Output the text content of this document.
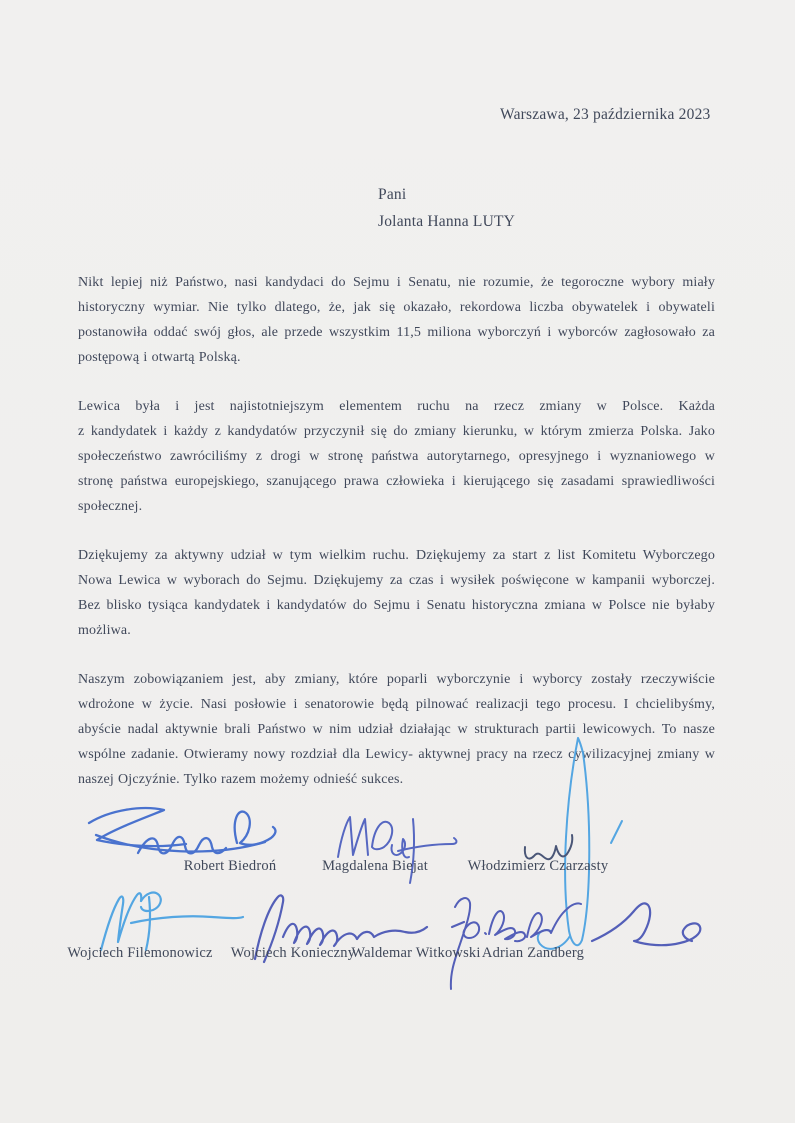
Warszawa, 23 października 2023
Pani
Jolanta Hanna LUTY
Nikt lepiej niż Państwo, nasi kandydaci do Sejmu i Senatu, nie rozumie, że tegoroczne wybory miały
historyczny wymiar. Nie tylko dlatego, że, jak się okazało, rekordowa liczba obywatelek i obywateli
postanowiła oddać swój głos, ale przede wszystkim 11,5 miliona wyborczyń i wyborców zagłosowało za
postępową i otwartą Polską.
Lewica była i jest najistotniejszym elementem ruchu na rzecz zmiany w Polsce. Każda
z kandydatek i każdy z kandydatów przyczynił się do zmiany kierunku, w którym zmierza Polska. Jako
społeczeństwo zawróciliśmy z drogi w stronę państwa autorytarnego, opresyjnego i wyznaniowego w
stronę państwa europejskiego, szanującego prawa człowieka i kierującego się zasadami sprawiedliwości
społecznej.
Dziękujemy za aktywny udział w tym wielkim ruchu. Dziękujemy za start z list Komitetu Wyborczego
Nowa Lewica w wyborach do Sejmu. Dziękujemy za czas i wysiłek poświęcone w kampanii wyborczej.
Bez blisko tysiąca kandydatek i kandydatów do Sejmu i Senatu historyczna zmiana w Polsce nie byłaby
możliwa.
Naszym zobowiązaniem jest, aby zmiany, które poparli wyborczynie i wyborcy zostały rzeczywiście
wdrożone w życie. Nasi posłowie i senatorowie będą pilnować realizacji tego procesu. I chcielibyśmy,
abyście nadal aktywnie brali Państwo w nim udział działając w strukturach partii lewicowych. To nasze
wspólne zadanie. Otwieramy nowy rozdział dla Lewicy- aktywnej pracy na rzecz cywilizacyjnej zmiany w
naszej Ojczyźnie. Tylko razem możemy odnieść sukces.
Robert Biedroń	Magdalena Biejat	Włodzimierz Czarzasty
Wojciech Filemonowicz Wojciech Konieczny
Waldemar Witkowski Adrian Zandberg
